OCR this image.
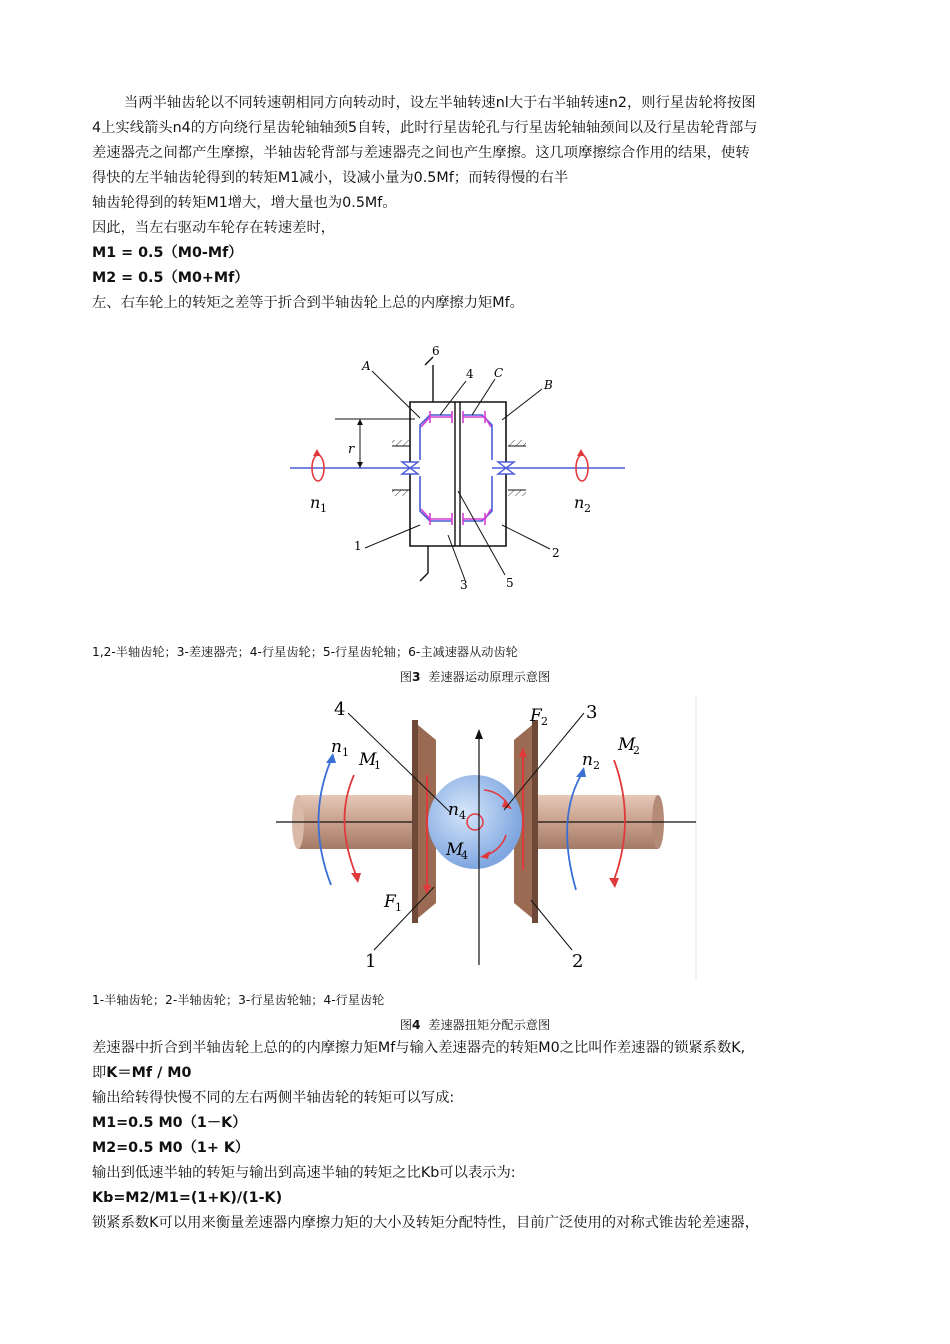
当两半轴齿轮以不同转速朝相同方向转动时，设左半轴转速nl大于右半轴转速n2，则行星齿轮将按图

4上实线箭头n4的方向绕行星齿轮轴轴颈5自转，此时行星齿轮孔与行星齿轮轴轴颈间以及行星齿轮背部与

差速器壳之间都产生摩擦，半轴齿轮背部与差速器壳之间也产生摩擦。这几项摩擦综合作用的结果，使转

得快的左半轴齿轮得到的转矩M1减小，设减小量为0.5Mf；而转得慢的右半

轴齿轮得到的转矩M1增大，增大量也为0.5Mf。

因此，当左右驱动车轮存在转速差时，

M1 = 0.5（M0-Mf）

M2 = 0.5（M0+Mf）

左、右车轮上的转矩之差等于折合到半轴齿轮上总的内摩擦力矩Mf。

r
6
A
4 C
B
n 1	n 2
1	2
3	5

1,2-半轴齿轮；3-差速器壳；4-行星齿轮；5-行星齿轮轴；6-主减速器从动齿轮

图3 差速器运动原理示意图

4	F 2 3
n 1 M
1	n 2
M
2
n 4
M
4
F 1
1	2

1-半轴齿轮；2-半轴齿轮；3-行星齿轮轴；4-行星齿轮

图4 差速器扭矩分配示意图

差速器中折合到半轴齿轮上总的的内摩擦力矩Mf与输入差速器壳的转矩M0之比叫作差速器的锁紧系数K,

即K＝Mf / M0

输出给转得快慢不同的左右两侧半轴齿轮的转矩可以写成:

M1=0.5 M0（1－K）

M2=0.5 M0（1+ K）

输出到低速半轴的转矩与输出到高速半轴的转矩之比Kb可以表示为:

Kb=M2/M1=(1+K)/(1-K)

锁紧系数K可以用来衡量差速器内摩擦力矩的大小及转矩分配特性，目前广泛使用的对称式锥齿轮差速器，
